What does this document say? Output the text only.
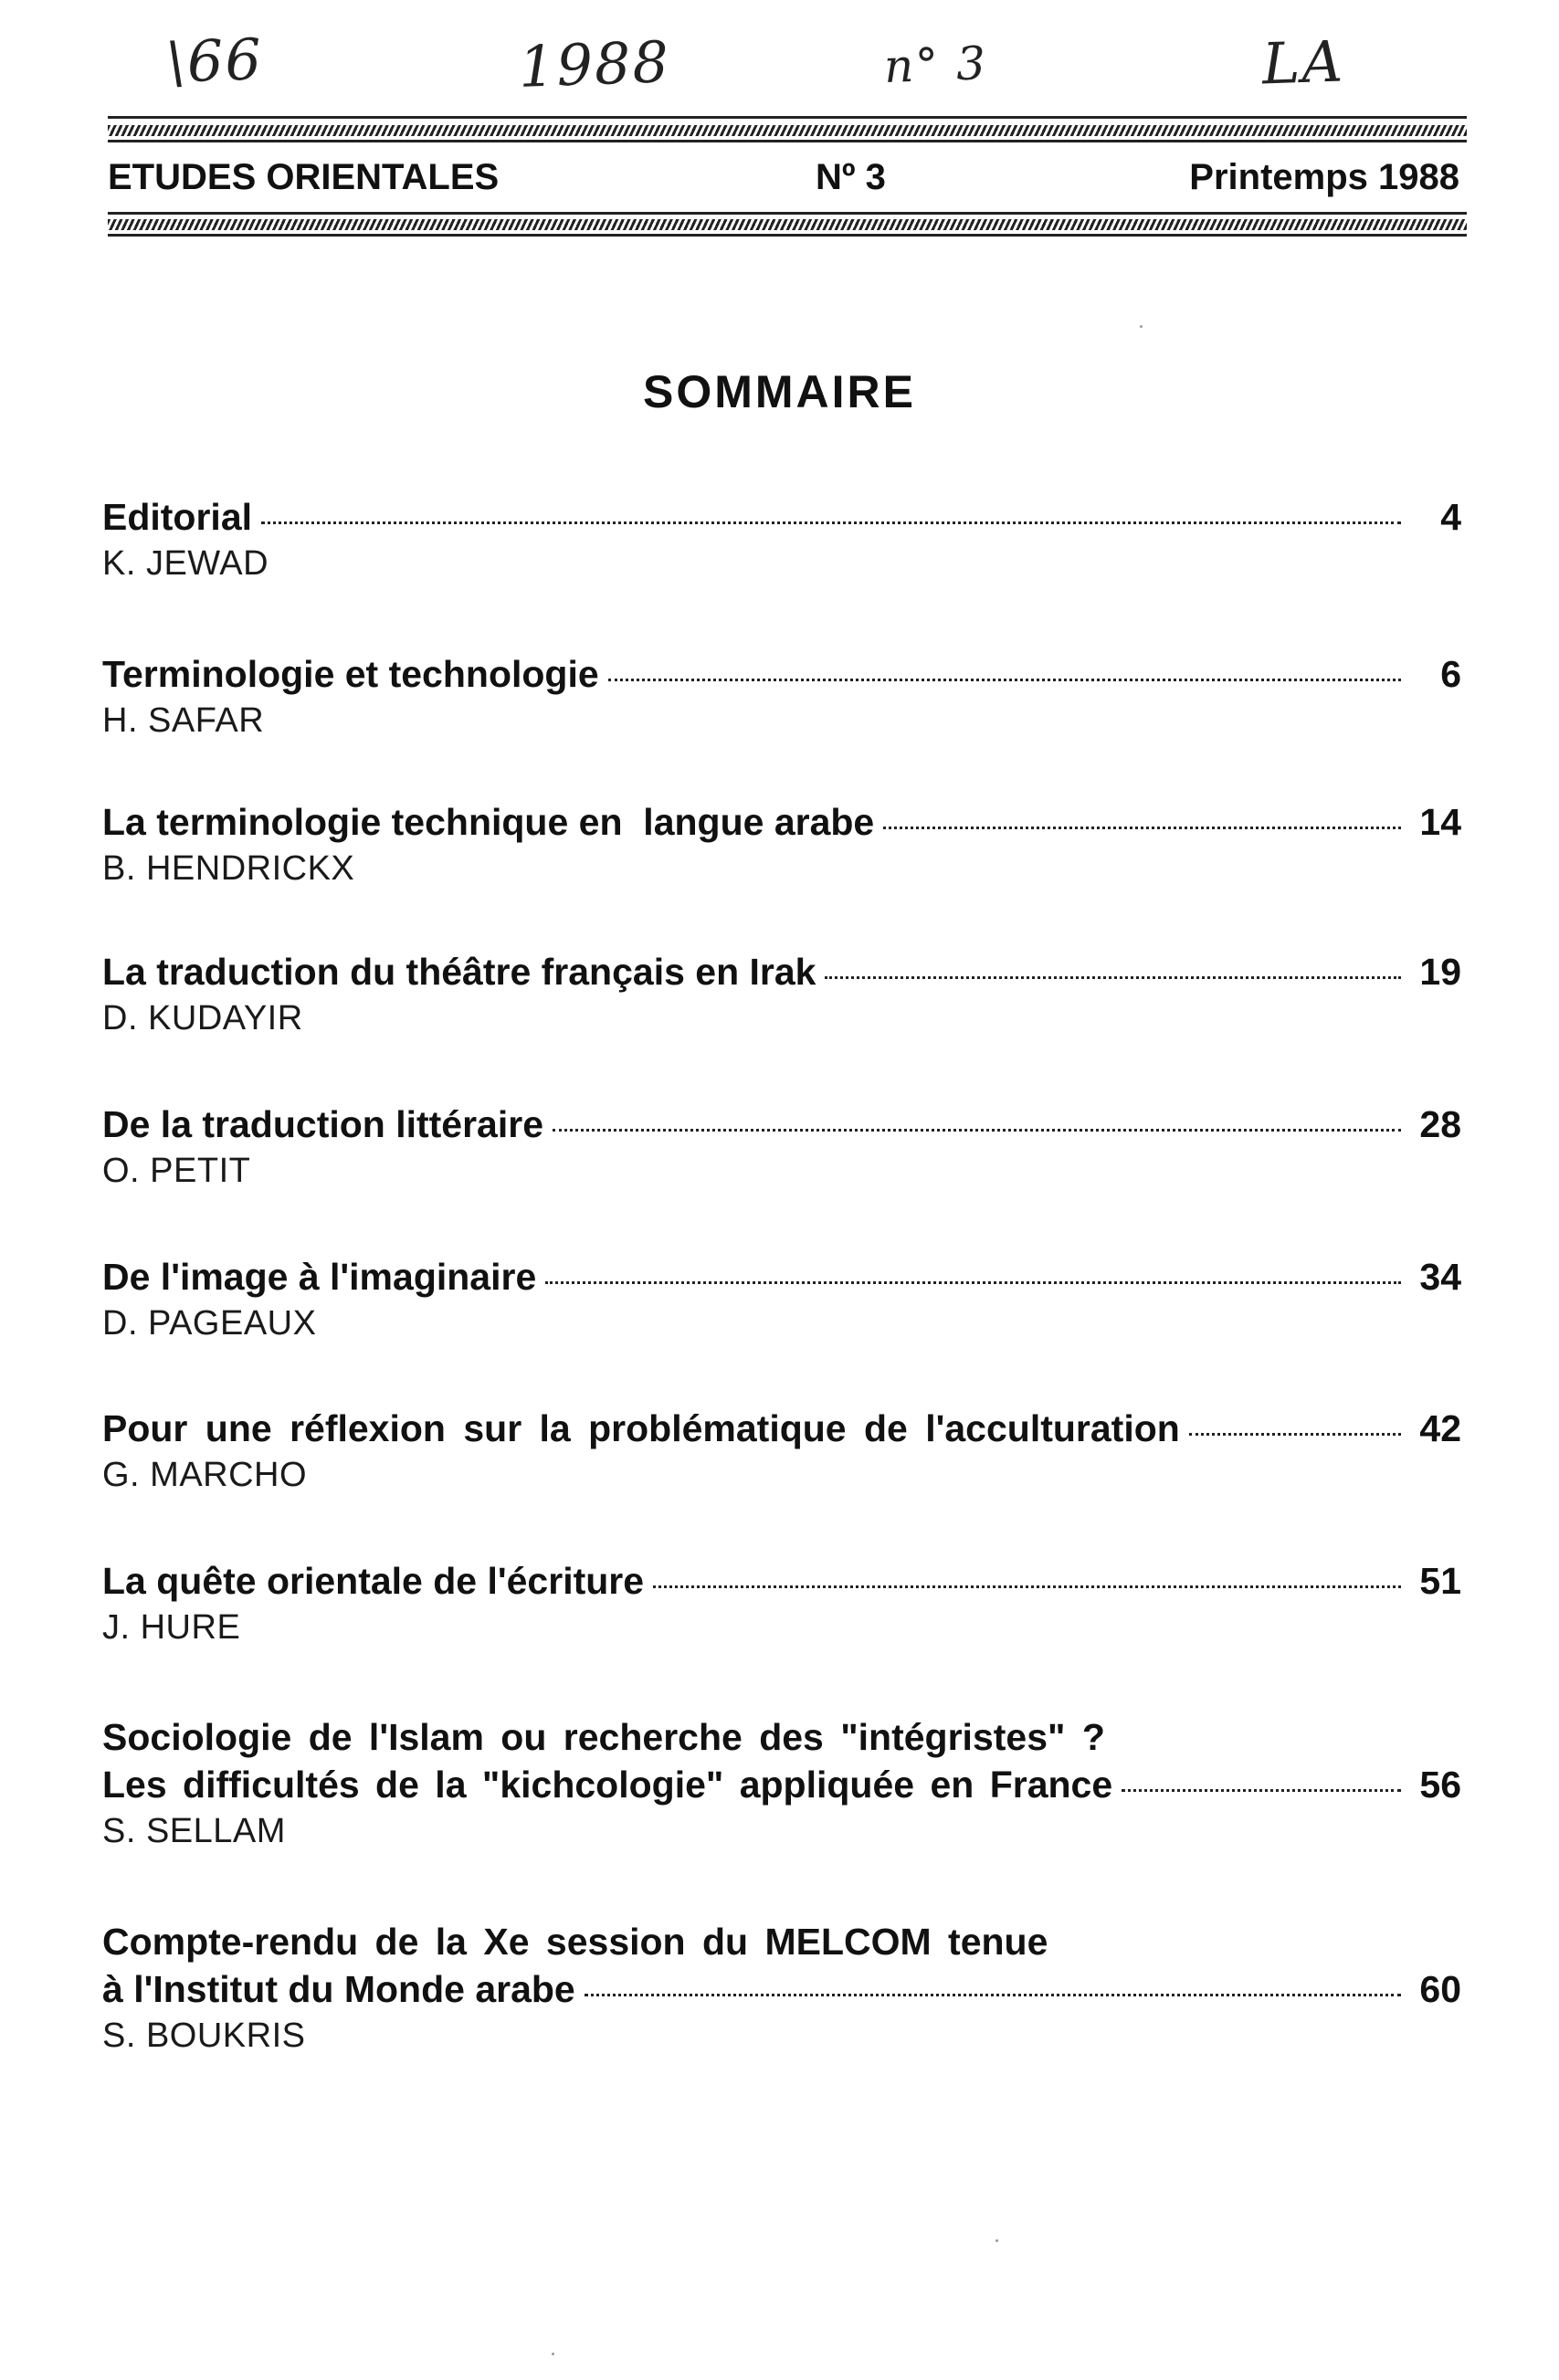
\66	1988	n° 3	LA
ETUDES ORIENTALES	Nº 3	Printemps 1988
SOMMAIRE
Editorial	4
K. JEWAD
Terminologie et technologie	6
H. SAFAR
La terminologie technique en  langue arabe	14
B. HENDRICKX
La traduction du théâtre français en Irak	19
D. KUDAYIR
De la traduction littéraire	28
O. PETIT
De l'image à l'imaginaire	34
D. PAGEAUX
Pour une réflexion sur la problématique de l'acculturation	42
G. MARCHO
La quête orientale de l'écriture	51
J. HURE
Sociologie de l'Islam ou recherche des "intégristes" ?
Les difficultés de la "kichcologie" appliquée en France	56
S. SELLAM
Compte-rendu de la Xe session du MELCOM tenue
à l'Institut du Monde arabe	60
S. BOUKRIS
